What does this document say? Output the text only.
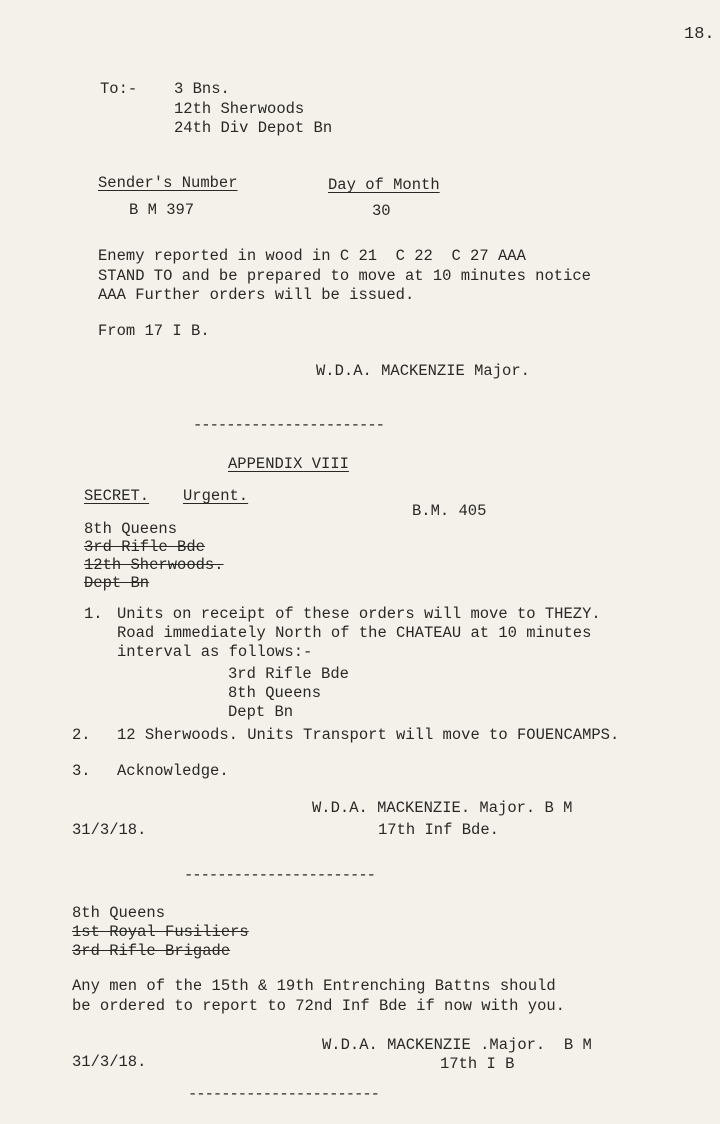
18.
To:- 3 Bns.
12th Sherwoods
24th Div Depot Bn
Sender's Number	Day of Month
B M 397	30
Enemy reported in wood in C 21  C 22  C 27 AAA
STAND TO and be prepared to move at 10 minutes notice
AAA Further orders will be issued.
From 17 I B.
W.D.A. MACKENZIE Major.
-----------------------
APPENDIX VIII
SECRET. Urgent.
B.M. 405
8th Queens
3rd Rifle Bde
12th Sherwoods.
Dept Bn
1. Units on receipt of these orders will move to THEZY.
Road immediately North of the CHATEAU at 10 minutes
interval as follows:-
3rd Rifle Bde
8th Queens
Dept Bn
2. 12 Sherwoods. Units Transport will move to FOUENCAMPS.
3. Acknowledge.
W.D.A. MACKENZIE. Major. B M
31/3/18.	17th Inf Bde.
-----------------------
8th Queens
1st Royal Fusiliers
3rd Rifle Brigade
Any men of the 15th & 19th Entrenching Battns should
be ordered to report to 72nd Inf Bde if now with you.
W.D.A. MACKENZIE .Major.  B M
31/3/18.	17th I B
-----------------------
